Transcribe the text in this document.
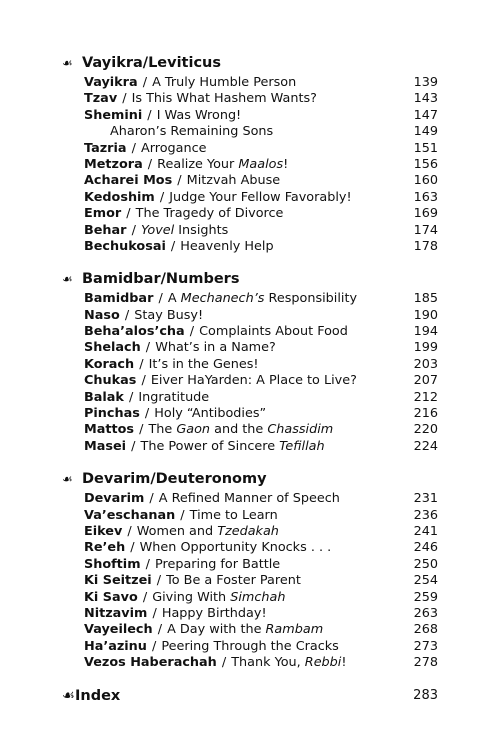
☙ Vayikra/Leviticus
Vayikra / A Truly Humble Person	139
Tzav / Is This What Hashem Wants?	143
Shemini / I Was Wrong!	147
Aharon’s Remaining Sons	149
Tazria / Arrogance	151
Metzora / Realize Your Maalos!	156
Acharei Mos / Mitzvah Abuse	160
Kedoshim / Judge Your Fellow Favorably!	163
Emor / The Tragedy of Divorce	169
Behar / Yovel Insights	174
Bechukosai / Heavenly Help	178
☙ Bamidbar/Numbers
Bamidbar / A Mechanech’s Responsibility	185
Naso / Stay Busy!	190
Beha’alos’cha / Complaints About Food	194
Shelach / What’s in a Name?	199
Korach / It’s in the Genes!	203
Chukas / Eiver HaYarden: A Place to Live?	207
Balak / Ingratitude	212
Pinchas / Holy “Antibodies”	216
Mattos / The Gaon and the Chassidim	220
Masei / The Power of Sincere Tefillah	224
☙ Devarim/Deuteronomy
Devarim / A Refined Manner of Speech	231
Va’eschanan / Time to Learn	236
Eikev / Women and Tzedakah	241
Re’eh / When Opportunity Knocks . . .	246
Shoftim / Preparing for Battle	250
Ki Seitzei / To Be a Foster Parent	254
Ki Savo / Giving With Simchah	259
Nitzavim / Happy Birthday!	263
Vayeilech / A Day with the Rambam	268
Ha’azinu / Peering Through the Cracks	273
Vezos Haberachah / Thank You, Rebbi!	278
☙ Index	283
